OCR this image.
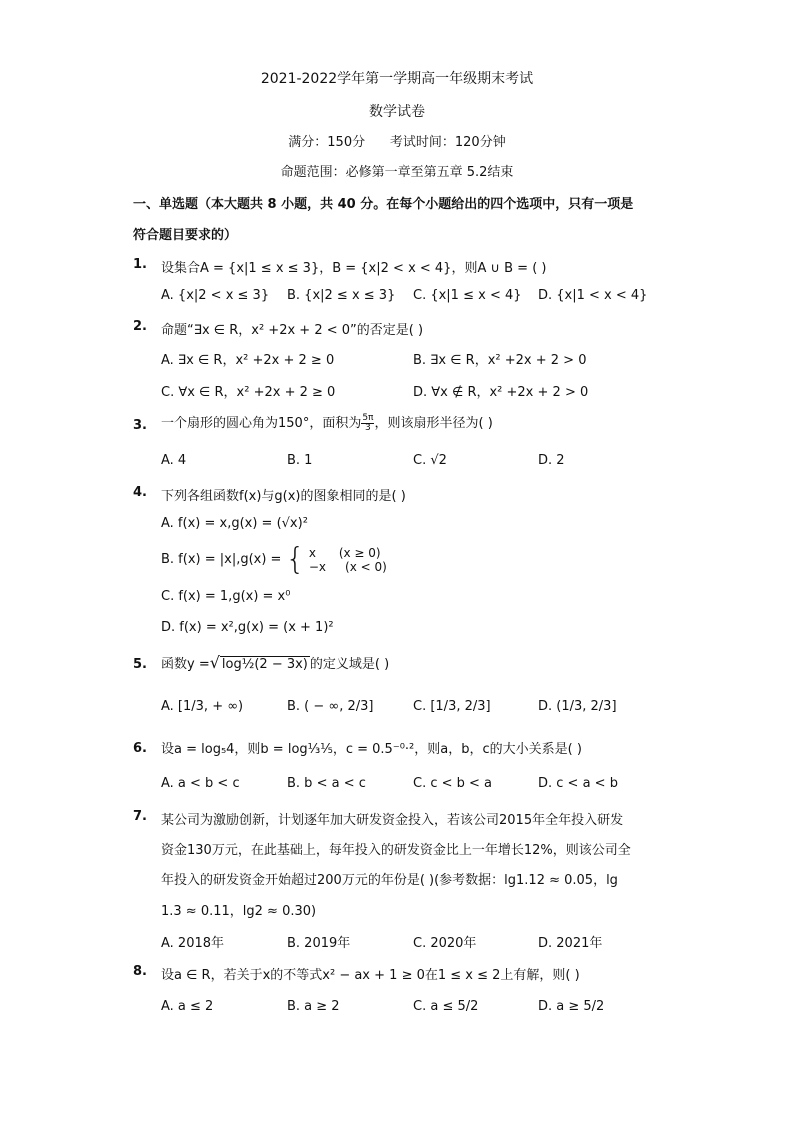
2021-2022学年第一学期高一年级期末考试
数学试卷
满分：150分      考试时间：120分钟
命题范围：必修第一章至第五章 5.2结束
一、单选题（本大题共 8 小题，共 40 分。在每个小题给出的四个选项中，只有一项是
符合题目要求的）
1. 设集合A = {x|1 ≤ x ≤ 3}，B = {x|2 < x < 4}，则A ∪ B = ( )
A. {x|2 < x ≤ 3} B. {x|2 ≤ x ≤ 3} C. {x|1 ≤ x < 4} D. {x|1 < x < 4}
2. 命题“∃x ∈ R，x² +2x + 2 < 0”的否定是( )
A. ∃x ∈ R，x² +2x + 2 ≥ 0	B. ∃x ∈ R，x² +2x + 2 > 0
C. ∀x ∈ R，x² +2x + 2 ≥ 0	D. ∀x ∉ R，x² +2x + 2 > 0
3. 一个扇形的圆心角为150°，面积为 $\frac{5\pi}{3}$ ，则该扇形半径为( )
A. 4	B. 1	C. √2	D. 2
4. 下列各组函数f(x)与g(x)的图象相同的是( )
A. f(x) = x,g(x) = (√x)²
B. f(x) = |x|,g(x) = { x      (x ≥ 0)
−x     (x < 0)
C. f(x) = 1,g(x) = x⁰
D. f(x) = x²,g(x) = (x + 1)²
5. 函数y =√ log½(2 − 3x) 的定义域是( )
A. [1/3, + ∞)	B. ( − ∞, 2/3]	C. [1/3, 2/3]	D. (1/3, 2/3]
6. 设a = log₅4，则b = log⅓⅕，c = 0.5⁻⁰·²，则a，b，c的大小关系是( )
A. a < b < c	B. b < a < c	C. c < b < a	D. c < a < b
7. 某公司为激励创新，计划逐年加大研发资金投入，若该公司2015年全年投入研发
资金130万元，在此基础上，每年投入的研发资金比上一年增长12%，则该公司全
年投入的研发资金开始超过200万元的年份是( )(参考数据：lg1.12 ≈ 0.05，lg
1.3 ≈ 0.11，lg2 ≈ 0.30)
A. 2018年	B. 2019年	C. 2020年	D. 2021年
8. 设a ∈ R，若关于x的不等式x² − ax + 1 ≥ 0在1 ≤ x ≤ 2上有解，则( )
A. a ≤ 2	B. a ≥ 2	C. a ≤ 5/2	D. a ≥ 5/2
